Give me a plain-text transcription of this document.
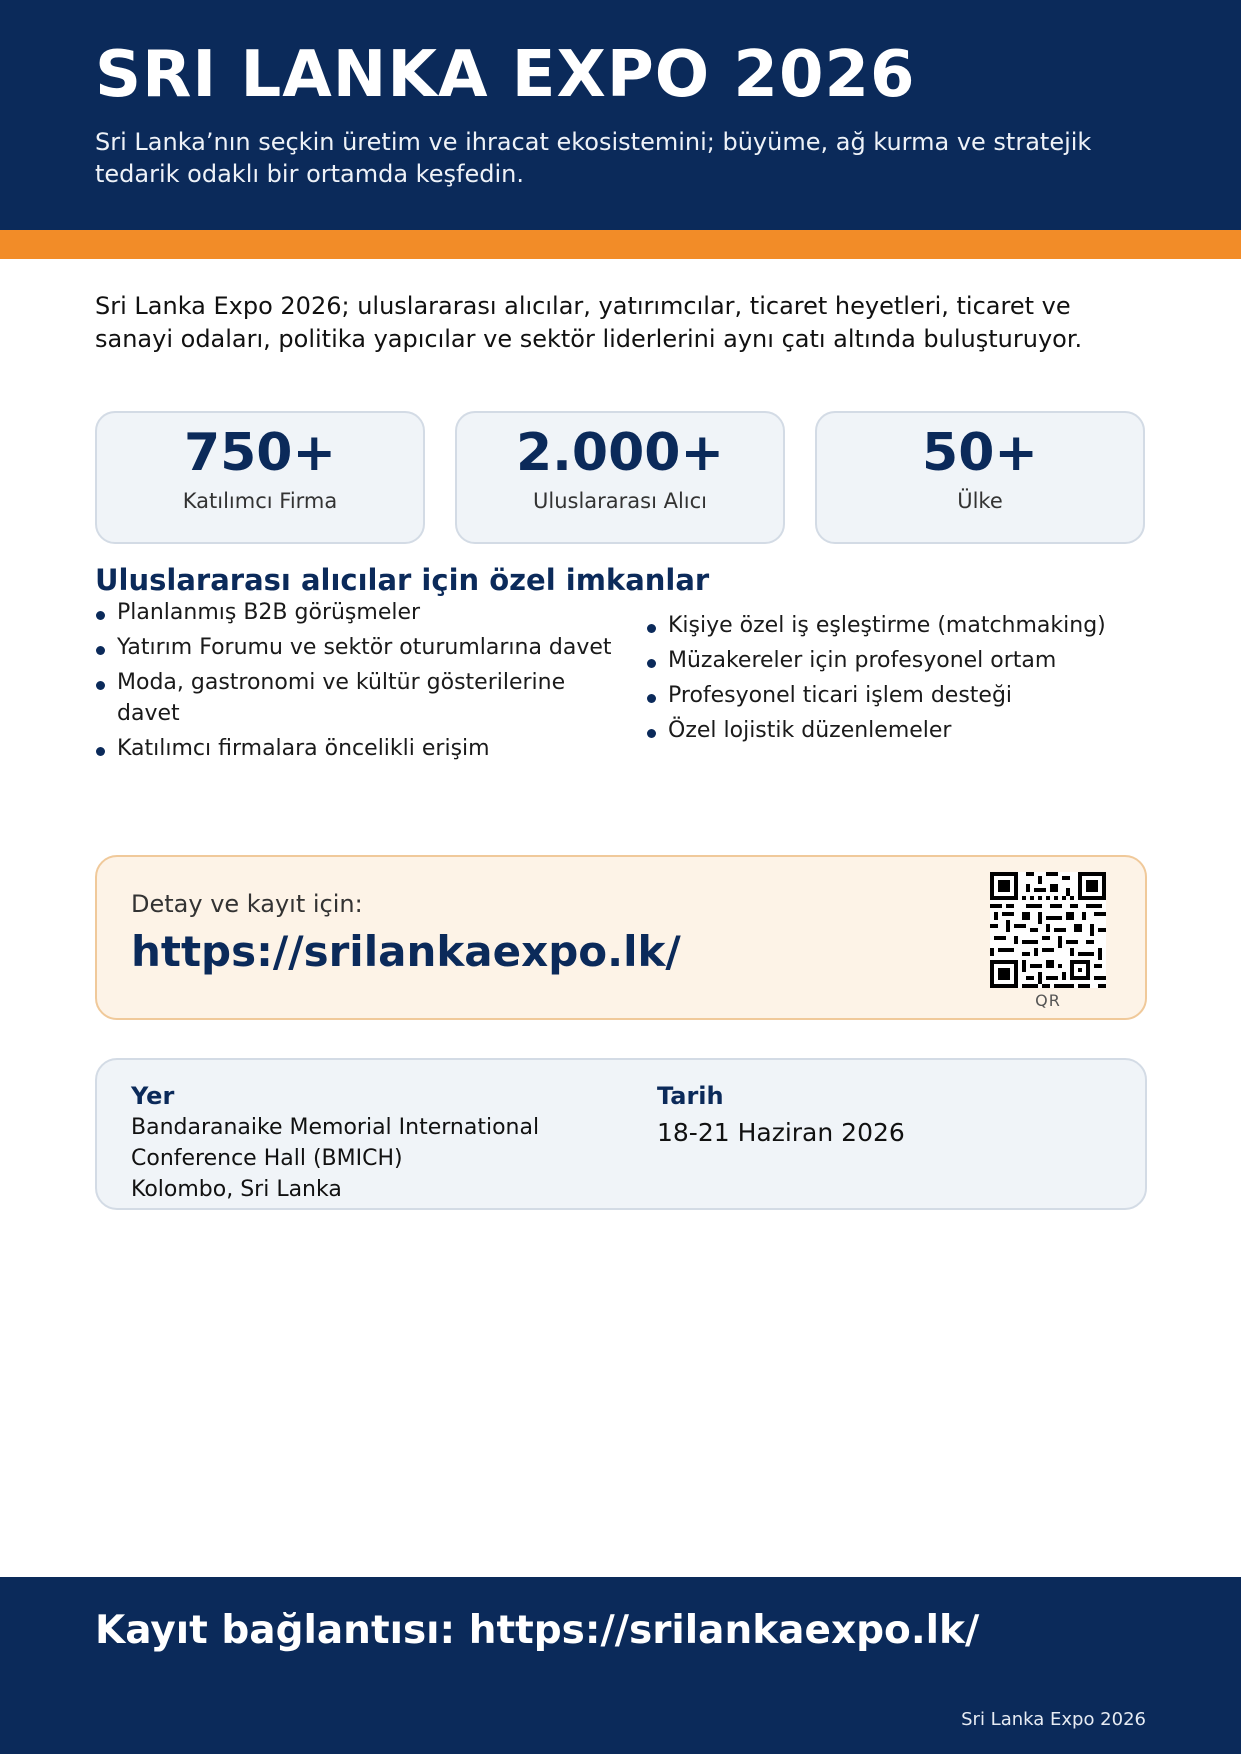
SRI LANKA EXPO 2026
Sri Lanka’nın seçkin üretim ve ihracat ekosistemini; büyüme, ağ kurma ve stratejik tedarik odaklı bir ortamda keşfedin.
Sri Lanka Expo 2026; uluslararası alıcılar, yatırımcılar, ticaret heyetleri, ticaret ve sanayi odaları, politika yapıcılar ve sektör liderlerini aynı çatı altında buluşturuyor.
750+
Katılımcı Firma
2.000+
Uluslararası Alıcı
50+
Ülke
Uluslararası alıcılar için özel imkanlar
Planlanmış B2B görüşmeler
Yatırım Forumu ve sektör oturumlarına davet
Moda, gastronomi ve kültür gösterilerine davet
Katılımcı firmalara öncelikli erişim
Kişiye özel iş eşleştirme (matchmaking)
Müzakereler için profesyonel ortam
Profesyonel ticari işlem desteği
Özel lojistik düzenlemeler
Detay ve kayıt için:
https://srilankaexpo.lk/
QR
Yer
Bandaranaike Memorial International
Conference Hall (BMICH)
Kolombo, Sri Lanka
Tarih
18-21 Haziran 2026
Kayıt bağlantısı: https://srilankaexpo.lk/
Sri Lanka Expo 2026
